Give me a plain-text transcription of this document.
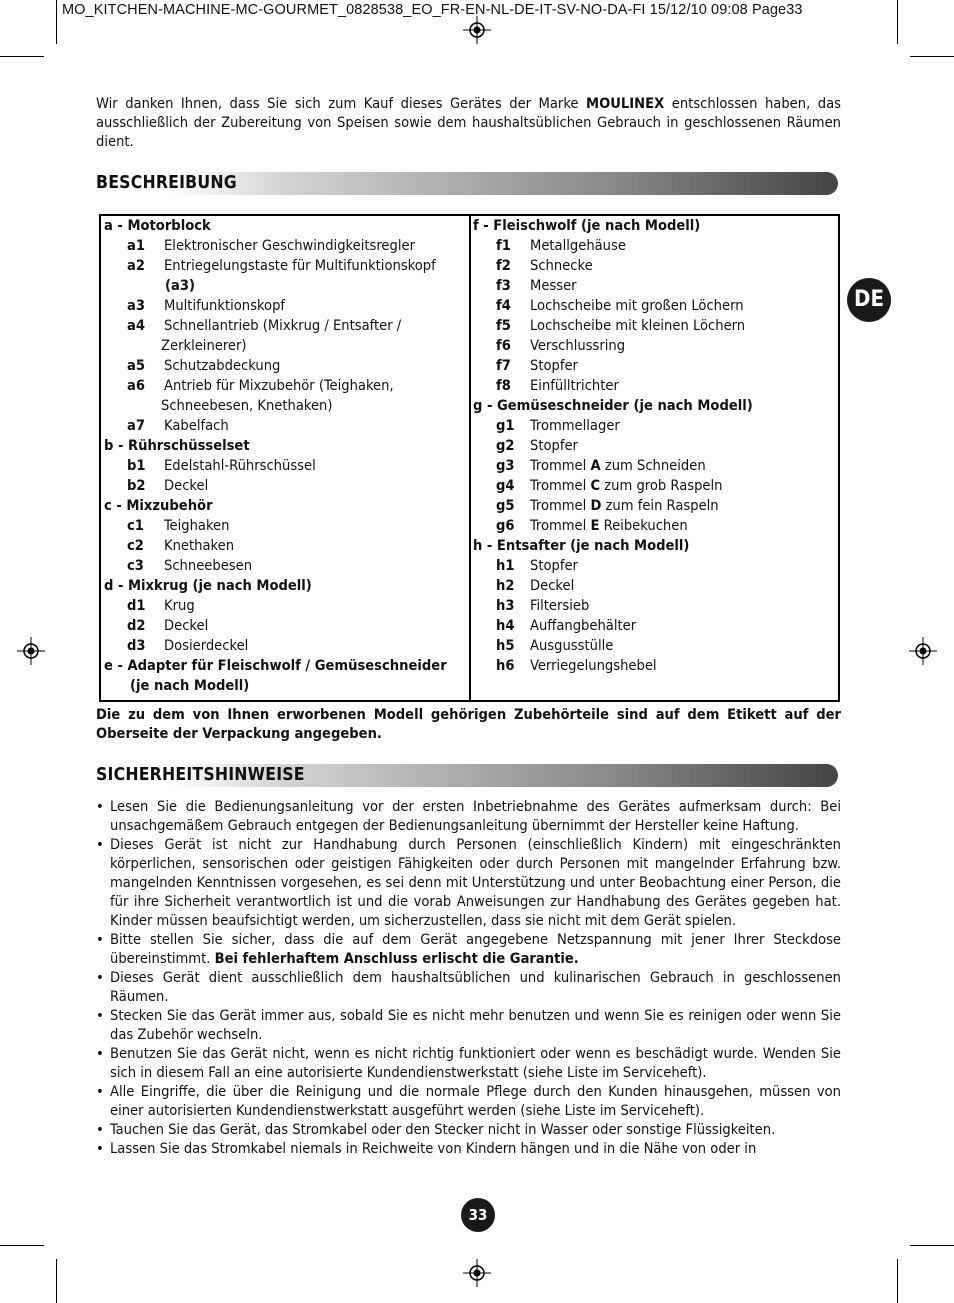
MO_KITCHEN-MACHINE-MC-GOURMET_0828538_EO_FR-EN-NL-DE-IT-SV-NO-DA-FI 15/12/10 09:08 Page33
Wir danken Ihnen, dass Sie sich zum Kauf dieses Gerätes der Marke MOULINEX entschlossen haben, das ausschließlich der Zubereitung von Speisen sowie dem haushaltsüblichen Gebrauch in geschlossenen Räumen dient.
BESCHREIBUNG
a - Motorblock
a1 Elektronischer Geschwindigkeitsregler
a2 Entriegelungstaste für Multifunktionskopf
(a3)
a3 Multifunktionskopf
a4 Schnellantrieb (Mixkrug / Entsafter /
Zerkleinerer)
a5 Schutzabdeckung
a6 Antrieb für Mixzubehör (Teighaken,
Schneebesen, Knethaken)
a7 Kabelfach
b - Rührschüsselset
b1 Edelstahl-Rührschüssel
b2 Deckel
c - Mixzubehör
c1 Teighaken
c2 Knethaken
c3 Schneebesen
d - Mixkrug (je nach Modell)
d1 Krug
d2 Deckel
d3 Dosierdeckel
e - Adapter für Fleischwolf / Gemüseschneider
(je nach Modell)
f - Fleischwolf (je nach Modell)
f1 Metallgehäuse
f2 Schnecke
f3 Messer
f4 Lochscheibe mit großen Löchern
f5 Lochscheibe mit kleinen Löchern
f6 Verschlussring
f7 Stopfer
f8 Einfülltrichter
g - Gemüseschneider (je nach Modell)
g1 Trommellager
g2 Stopfer
g3 Trommel A zum Schneiden
g4 Trommel C zum grob Raspeln
g5 Trommel D zum fein Raspeln
g6 Trommel E Reibekuchen
h - Entsafter (je nach Modell)
h1 Stopfer
h2 Deckel
h3 Filtersieb
h4 Auffangbehälter
h5 Ausgusstülle
h6 Verriegelungshebel
Die zu dem von Ihnen erworbenen Modell gehörigen Zubehörteile sind auf dem Etikett auf der Oberseite der Verpackung angegeben.
SICHERHEITSHINWEISE
• Lesen Sie die Bedienungsanleitung vor der ersten Inbetriebnahme des Gerätes aufmerksam durch: Bei unsachgemäßem Gebrauch entgegen der Bedienungsanleitung übernimmt der Hersteller keine Haftung.
• Dieses Gerät ist nicht zur Handhabung durch Personen (einschließlich Kindern) mit eingeschränkten körperlichen, sensorischen oder geistigen Fähigkeiten oder durch Personen mit mangelnder Erfahrung bzw. mangelnden Kenntnissen vorgesehen, es sei denn mit Unterstützung und unter Beobachtung einer Person, die für ihre Sicherheit verantwortlich ist und die vorab Anweisungen zur Handhabung des Gerätes gegeben hat. Kinder müssen beaufsichtigt werden, um sicherzustellen, dass sie nicht mit dem Gerät spielen.
• Bitte stellen Sie sicher, dass die auf dem Gerät angegebene Netzspannung mit jener Ihrer Steckdose übereinstimmt. Bei fehlerhaftem Anschluss erlischt die Garantie.
• Dieses Gerät dient ausschließlich dem haushaltsüblichen und kulinarischen Gebrauch in geschlossenen Räumen.
• Stecken Sie das Gerät immer aus, sobald Sie es nicht mehr benutzen und wenn Sie es reinigen oder wenn Sie das Zubehör wechseln.
• Benutzen Sie das Gerät nicht, wenn es nicht richtig funktioniert oder wenn es beschädigt wurde. Wenden Sie sich in diesem Fall an eine autorisierte Kundendienstwerkstatt (siehe Liste im Serviceheft).
• Alle Eingriffe, die über die Reinigung und die normale Pflege durch den Kunden hinausgehen, müssen von einer autorisierten Kundendienstwerkstatt ausgeführt werden (siehe Liste im Serviceheft).
• Tauchen Sie das Gerät, das Stromkabel oder den Stecker nicht in Wasser oder sonstige Flüssigkeiten.
• Lassen Sie das Stromkabel niemals in Reichweite von Kindern hängen und in die Nähe von oder in
DE
33
